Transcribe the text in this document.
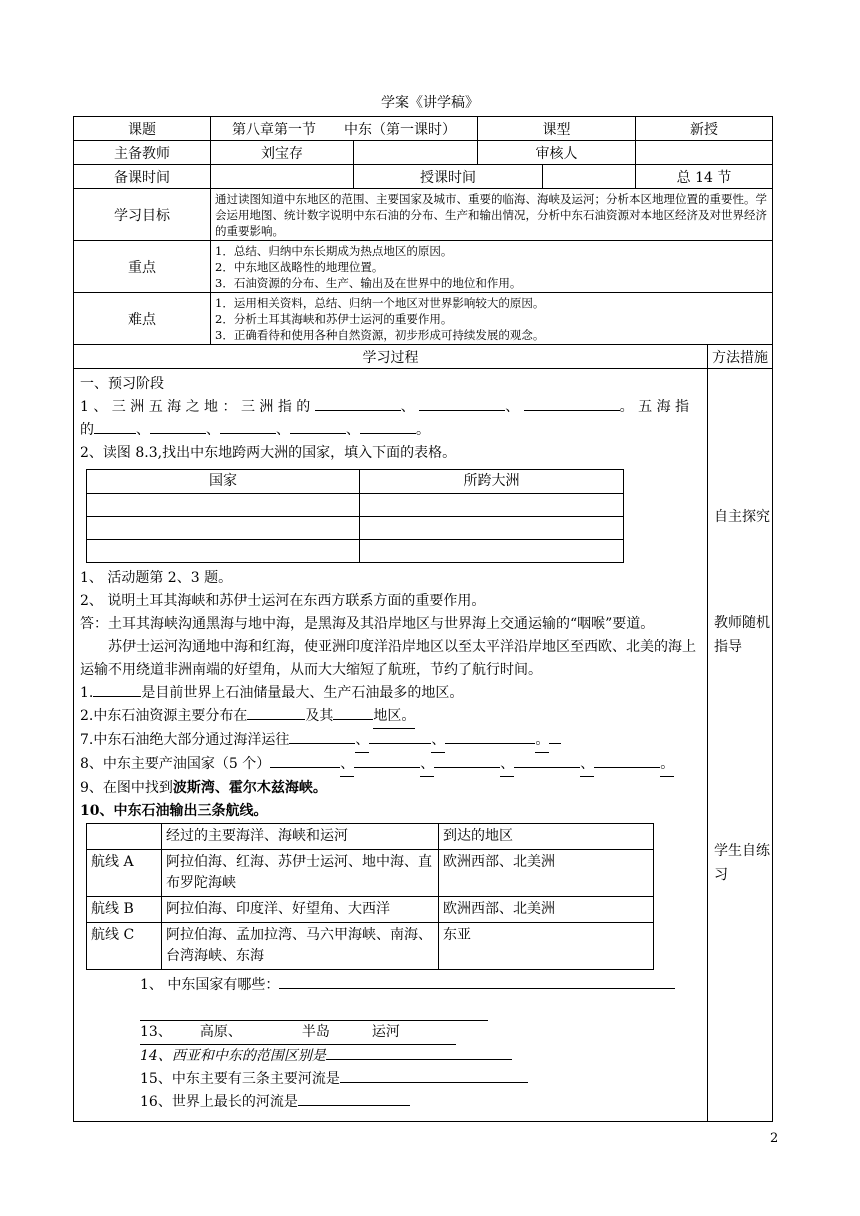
学案《讲学稿》
课题	第八章第一节　　中东（第一课时）	课型	新授
主备教师	刘宝存		审核人	
备课时间		授课时间		总 14 节
学习目标	通过读图知道中东地区的范围、主要国家及城市、重要的临海、海峡及运河；分析本区地理位置的重要性。学会运用地图、统计数字说明中东石油的分布、生产和输出情况，分析中东石油资源对本地区经济及对世界经济的重要影响。
重点	
1．总结、归纳中东长期成为热点地区的原因。
2．中东地区战略性的地理位置。
3．石油资源的分布、生产、输出及在世界中的地位和作用。

难点	
1．运用相关资料，总结、归纳一个地区对世界影响较大的原因。
2．分析土耳其海峡和苏伊士运河的重要作用。
3．正确看待和使用各种自然资源，初步形成可持续发展的观念。

学习过程	方法措施

一、预习阶段
1 、 三 洲 五 海 之 地 ： 三 洲 指 的	、	、	。 五 海 指
的	、	、	、	、	。
2、读图 8.3,找出中东地跨两大洲的国家，填入下面的表格。
国家	所跨大洲

1、 活动题第 2、3 题。
2、 说明土耳其海峡和苏伊士运河在东西方联系方面的重要作用。
答：土耳其海峡沟通黑海与地中海，是黑海及其沿岸地区与世界海上交通运输的“咽喉”要道。
苏伊士运河沟通地中海和红海，使亚洲印度洋沿岸地区以至太平洋沿岸地区至西欧、北美的海上运输不用绕道非洲南端的好望角，从而大大缩短了航班，节约了航行时间。
1.	是目前世界上石油储量最大、生产石油最多的地区。
2.中东石油资源主要分布在	及其	地区。
7.中东石油绝大部分通过海洋运往	、	、	。
8、中东主要产油国家（5 个）	、	、	、	、	。
9、在图中找到波斯湾、霍尔木兹海峡。
10、中东石油输出三条航线。
	经过的主要海洋、海峡和运河	到达的地区
航线 A	阿拉伯海、红海、苏伊士运河、地中海、直布罗陀海峡	欧洲西部、北美洲
航线 B	阿拉伯海、印度洋、好望角、大西洋	欧洲西部、北美洲
航线 C	阿拉伯海、孟加拉湾、马六甲海峡、南海、台湾海峡、东海	东亚
1、 中东国家有哪些：

13、 高原、	半岛	运河
14、西亚和中东的范围区别是
15、中东主要有三条主要河流是
16、世界上最长的河流是

自主探究
教师随机指导
学生自练习
2
